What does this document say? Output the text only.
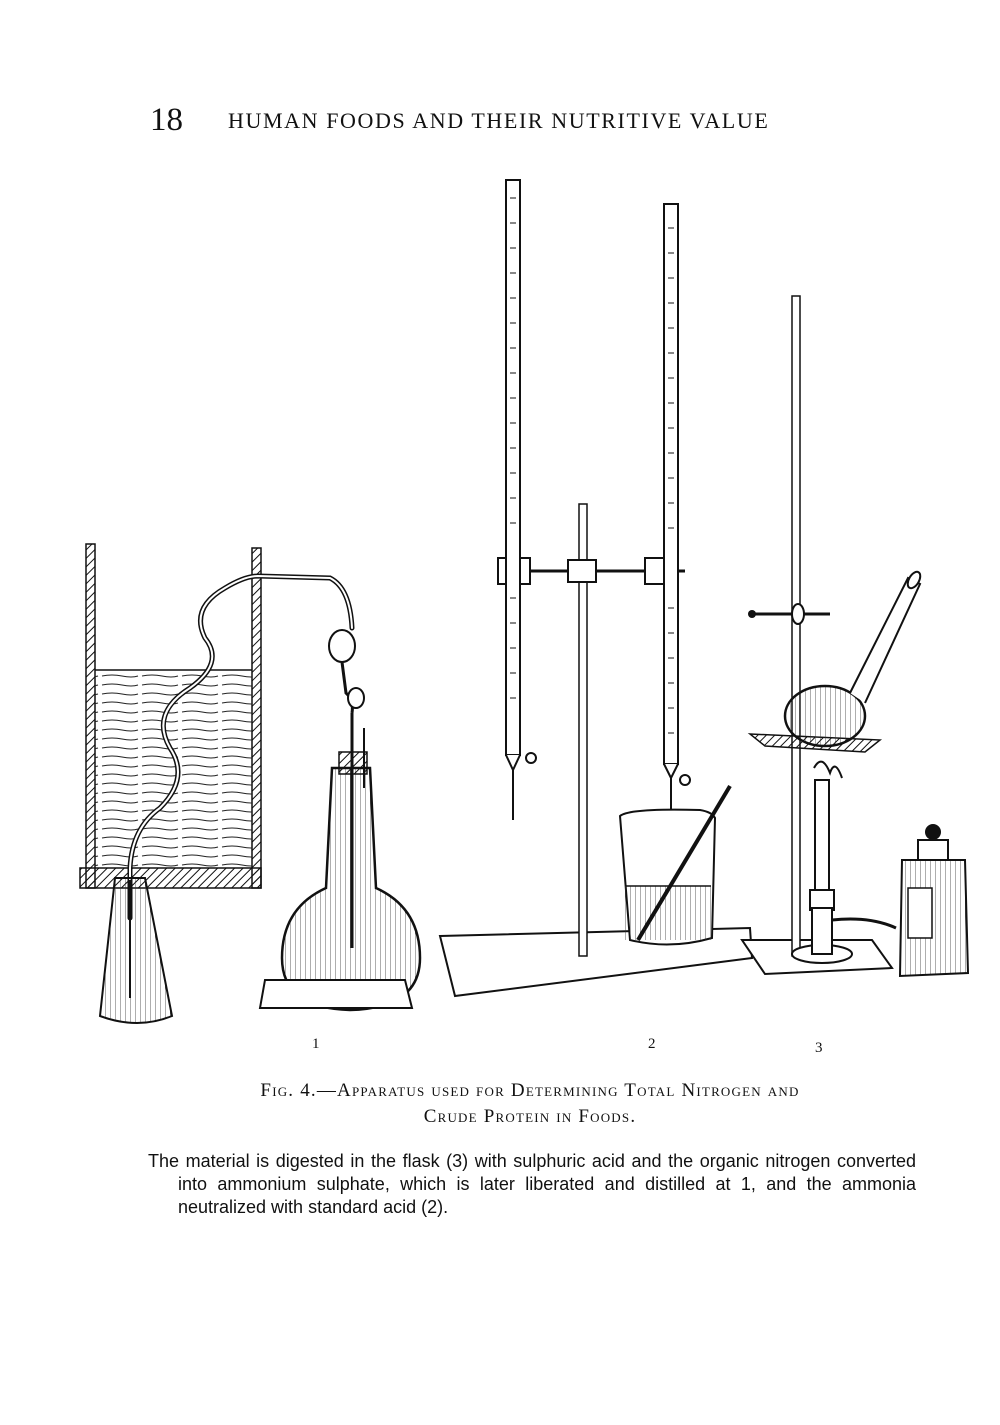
18 HUMAN FOODS AND THEIR NUTRITIVE VALUE
1	2	3
Fig. 4.—Apparatus used for Determining Total Nitrogen and
Crude Protein in Foods.
The material is digested in the flask (3) with sulphuric acid and the organic nitrogen converted into ammonium sulphate, which is later liberated and distilled at 1, and the ammonia neutralized with standard acid (2).
